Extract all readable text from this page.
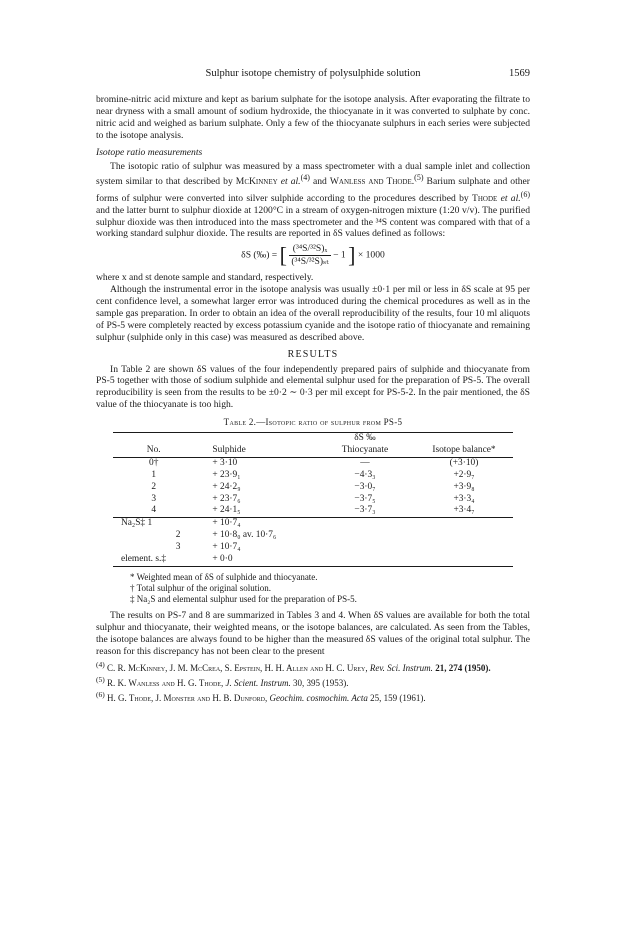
Sulphur isotope chemistry of polysulphide solution	1569

bromine-nitric acid mixture and kept as barium sulphate for the isotope analysis. After evaporating the filtrate to near dryness with a small amount of sodium hydroxide, the thiocyanate in it was converted to sulphate by conc. nitric acid and weighed as barium sulphate. Only a few of the thiocyanate sulphurs in each series were subjected to the isotope analysis.

Isotope ratio measurements

The isotopic ratio of sulphur was measured by a mass spectrometer with a dual sample inlet and collection system similar to that described by McKinney et al.$^{(4)}$ and Wanless and Thode.$^{(5)}$ Barium sulphate and other forms of sulphur were converted into silver sulphide according to the procedures described by Thode et al.$^{(6)}$ and the latter burnt to sulphur dioxide at 1200°C in a stream of oxygen-nitrogen mixture (1:20 v/v). The purified sulphur dioxide was then introduced into the mass spectrometer and the ³⁴S content was compared with that of a working standard sulphur dioxide. The results are reported in δS values defined as follows:

δS (‰) = [ $\frac{\text{(³⁴S/³²S)ₓ}}{\text{(³⁴S/³²S)ₛₜ}} - 1$ ] × 1000

where x and st denote sample and standard, respectively.

Although the instrumental error in the isotope analysis was usually ±0·1 per mil or less in δS scale at 95 per cent confidence level, a somewhat larger error was introduced during the chemical procedures as well as in the sample gas preparation. In order to obtain an idea of the overall reproducibility of the results, four 10 ml aliquots of PS-5 were completely reacted by excess potassium cyanide and the isotope ratio of thiocyanate and remaining sulphur (sulphide only in this case) was measured as described above.

RESULTS

In Table 2 are shown δS values of the four independently prepared pairs of sulphide and thiocyanate from PS-5 together with those of sodium sulphide and elemental sulphur used for the preparation of PS-5. The overall reproducibility is seen from the results to be ±0·2 ∼ 0·3 per mil except for PS-5-2. In the pair mentioned, the δS value of the thiocyanate is too high.

Table 2.—Isotopic ratio of sulphur from PS-5
		δS ‰	
No.	Sulphide	Thiocyanate	Isotope balance*
0†	+ 3·10	—	(+3·10)
1	+ 23·9₁	−4·3₃	+2·9₇
2	+ 24·2₉	−3·0₇	+3·9₈
3	+ 23·7₆	−3·7₅	+3·3₄
4	+ 24·1₅	−3·7₃	+3·4₇
Na₂S‡ 1	+ 10·7₄		
2	+ 10·8₀ av. 10·7₆		
3	+ 10·7₄		
element. s.‡	+ 0·0		
* Weighted mean of δS of sulphide and thiocyanate.
† Total sulphur of the original solution.
‡ Na₂S and elemental sulphur used for the preparation of PS-5.

The results on PS-7 and 8 are summarized in Tables 3 and 4. When δS values are available for both the total sulphur and thiocyanate, their weighted means, or the isotope balances, are calculated. As seen from the Tables, the isotope balances are always found to be higher than the measured δS values of the original total sulphur. The reason for this discrepancy has not been clear to the present

$^{(4)}$ C. R. McKinney, J. M. McCrea, S. Epstein, H. H. Allen and H. C. Urey, Rev. Sci. Instrum. 21, 274 (1950).

$^{(5)}$ R. K. Wanless and H. G. Thode, J. Scient. Instrum. 30, 395 (1953).

$^{(6)}$ H. G. Thode, J. Monster and H. B. Dunford, Geochim. cosmochim. Acta 25, 159 (1961).
